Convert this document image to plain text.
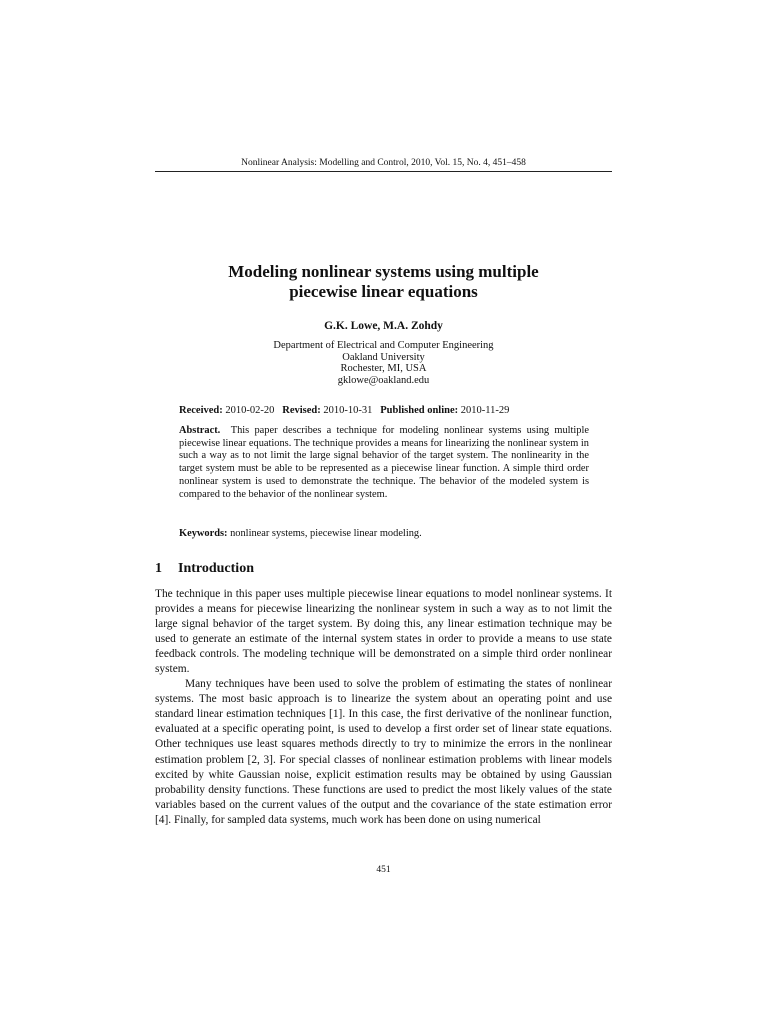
Nonlinear Analysis: Modelling and Control, 2010, Vol. 15, No. 4, 451–458
Modeling nonlinear systems using multiple
piecewise linear equations
G.K. Lowe, M.A. Zohdy
Department of Electrical and Computer Engineering
Oakland University
Rochester, MI, USA
gklowe@oakland.edu
Received: 2010-02-20 Revised: 2010-10-31 Published online: 2010-11-29

Abstract. This paper describes a technique for modeling nonlinear systems using multiple piecewise linear equations. The technique provides a means for linearizing the nonlinear system in such a way as to not limit the large signal behavior of the target system. The nonlinearity in the target system must be able to be represented as a piecewise linear function. A simple third order nonlinear system is used to demonstrate the technique. The behavior of the modeled system is compared to the behavior of the nonlinear system.

Keywords: nonlinear systems, piecewise linear modeling.

1 Introduction

The technique in this paper uses multiple piecewise linear equations to model nonlinear systems. It provides a means for piecewise linearizing the nonlinear system in such a way as to not limit the large signal behavior of the target system. By doing this, any linear estimation technique may be used to generate an estimate of the internal system states in order to provide a means to use state feedback controls. The modeling technique will be demonstrated on a simple third order nonlinear system.

Many techniques have been used to solve the problem of estimating the states of nonlinear systems. The most basic approach is to linearize the system about an operating point and use standard linear estimation techniques [1]. In this case, the first derivative of the nonlinear function, evaluated at a specific operating point, is used to develop a first order set of linear state equations. Other techniques use least squares methods directly to try to minimize the errors in the nonlinear estimation problem [2, 3]. For special classes of nonlinear estimation problems with linear models excited by white Gaussian noise, explicit estimation results may be obtained by using Gaussian probability density functions. These functions are used to predict the most likely values of the state variables based on the current values of the output and the covariance of the state estimation error [4]. Finally, for sampled data systems, much work has been done on using numerical

451
